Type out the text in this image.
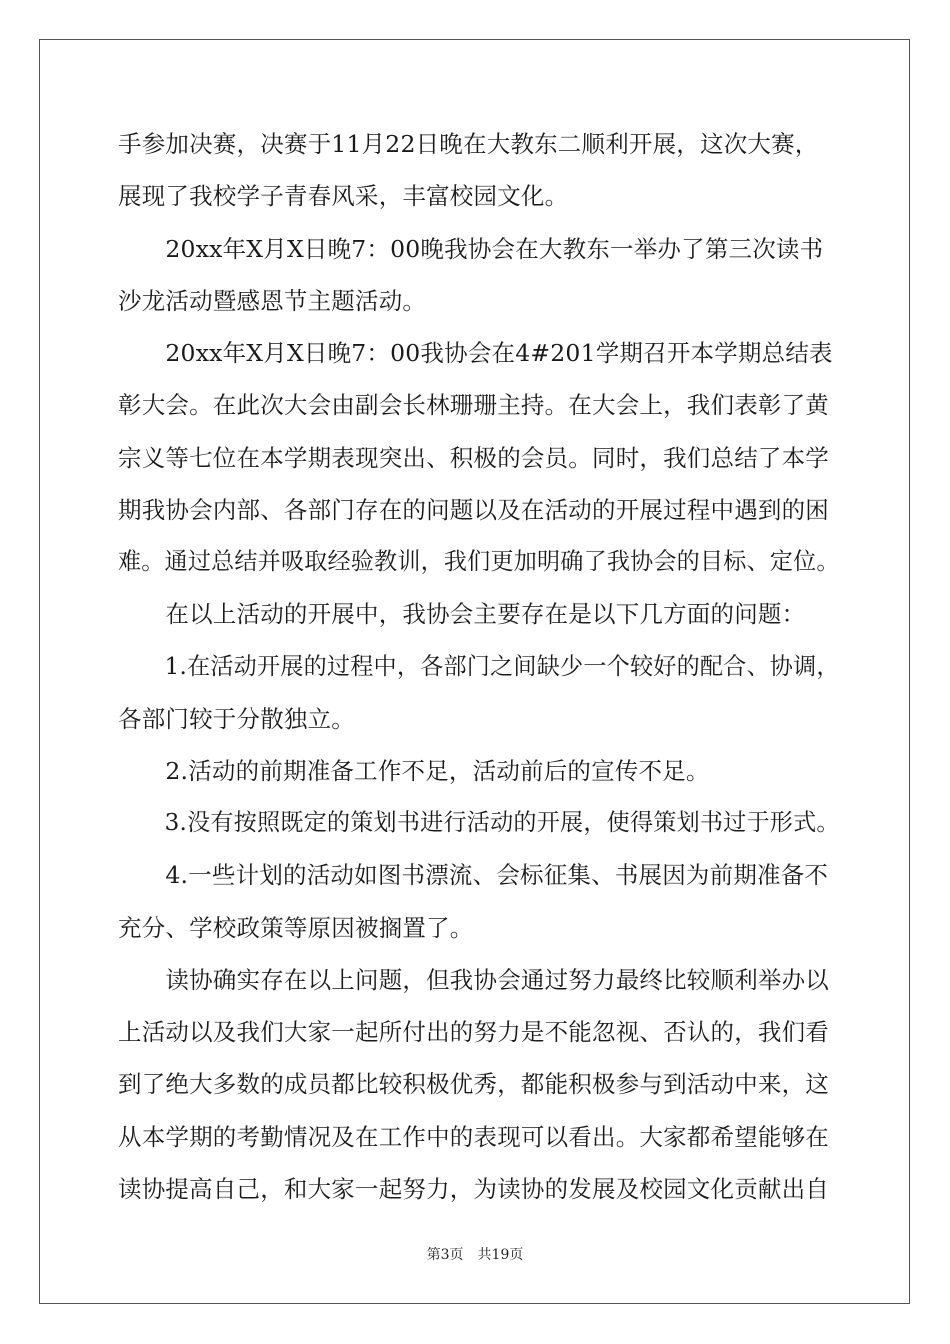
手参加决赛，决赛于11月22日晚在大教东二顺利开展，这次大赛，
展现了我校学子青春风采，丰富校园文化。
　　20xx年X月X日晚7：00晚我协会在大教东一举办了第三次读书
沙龙活动暨感恩节主题活动。
　　20xx年X月X日晚7：00我协会在4#201学期召开本学期总结表
彰大会。在此次大会由副会长林珊珊主持。在大会上，我们表彰了黄
宗义等七位在本学期表现突出、积极的会员。同时，我们总结了本学
期我协会内部、各部门存在的问题以及在活动的开展过程中遇到的困
难。通过总结并吸取经验教训，我们更加明确了我协会的目标、定位。
　　在以上活动的开展中，我协会主要存在是以下几方面的问题：
　　1.在活动开展的过程中，各部门之间缺少一个较好的配合、协调，
各部门较于分散独立。
　　2.活动的前期准备工作不足，活动前后的宣传不足。
　　3.没有按照既定的策划书进行活动的开展，使得策划书过于形式。
　　4.一些计划的活动如图书漂流、会标征集、书展因为前期准备不
充分、学校政策等原因被搁置了。
　　读协确实存在以上问题，但我协会通过努力最终比较顺利举办以
上活动以及我们大家一起所付出的努力是不能忽视、否认的，我们看
到了绝大多数的成员都比较积极优秀，都能积极参与到活动中来，这
从本学期的考勤情况及在工作中的表现可以看出。大家都希望能够在
读协提高自己，和大家一起努力，为读协的发展及校园文化贡献出自
第3页 共19页
